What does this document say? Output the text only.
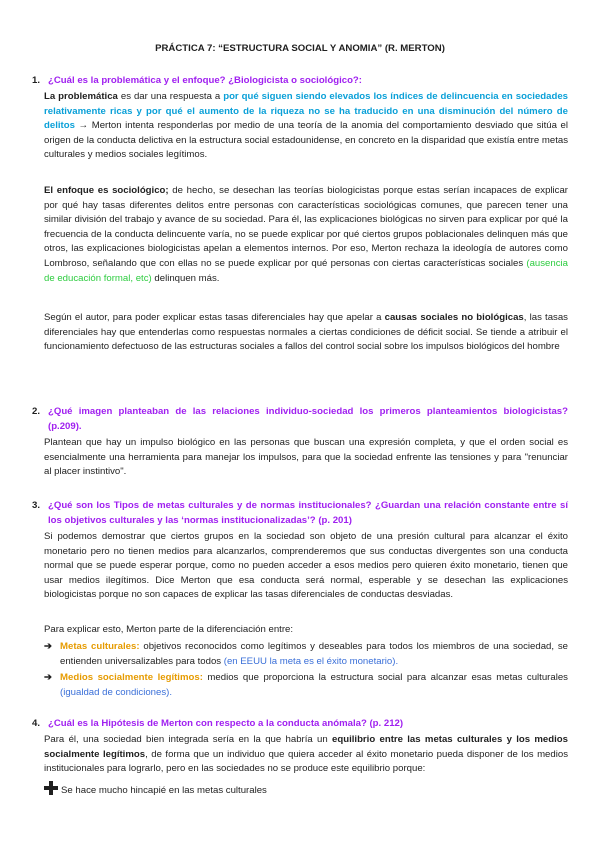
PRÁCTICA 7: “ESTRUCTURA SOCIAL Y ANOMIA” (R. MERTON)
1. ¿Cuál es la problemática y el enfoque? ¿Biologicista o sociológico?:
La problemática es dar una respuesta a por qué siguen siendo elevados los índices de delincuencia en sociedades relativamente ricas y por qué el aumento de la riqueza no se ha traducido en una disminución del número de delitos → Merton intenta responderlas por medio de una teoría de la anomia del comportamiento desviado que sitúa el origen de la conducta delictiva en la estructura social estadounidense, en concreto en la disparidad que existía entre metas culturales y medios sociales legítimos.
El enfoque es sociológico; de hecho, se desechan las teorías biologicistas porque estas serían incapaces de explicar por qué hay tasas diferentes delitos entre personas con características sociológicas comunes, que parecen tener una similar división del trabajo y avance de su sociedad. Para él, las explicaciones biológicas no sirven para explicar por qué la frecuencia de la conducta delincuente varía, no se puede explicar por qué ciertos grupos poblacionales delinquen más que otros, las explicaciones biologicistas apelan a elementos internos. Por eso, Merton rechaza la ideología de autores como Lombroso, señalando que con ellas no se puede explicar por qué personas con ciertas características sociales (ausencia de educación formal, etc) delinquen más.
Según el autor, para poder explicar estas tasas diferenciales hay que apelar a causas sociales no biológicas, las tasas diferenciales hay que entenderlas como respuestas normales a ciertas condiciones de déficit social. Se tiende a atribuir el funcionamiento defectuoso de las estructuras sociales a fallos del control social sobre los impulsos biológicos del hombre
2. ¿Qué imagen planteaban de las relaciones individuo-sociedad los primeros planteamientos biologicistas? (p.209).
Plantean que hay un impulso biológico en las personas que buscan una expresión completa, y que el orden social es esencialmente una herramienta para manejar los impulsos, para que la sociedad enfrente las tensiones y para "renunciar al placer instintivo".
3. ¿Qué son los Tipos de metas culturales y de normas institucionales? ¿Guardan una relación constante entre sí los objetivos culturales y las ‘normas institucionalizadas’? (p. 201)
Si podemos demostrar que ciertos grupos en la sociedad son objeto de una presión cultural para alcanzar el éxito monetario pero no tienen medios para alcanzarlos, comprenderemos que sus conductas divergentes son una conducta normal que se puede esperar porque, como no pueden acceder a esos medios pero quieren éxito monetario, tienen que usar medios ilegítimos. Dice Merton que esa conducta será normal, esperable y se desechan las explicaciones biologicistas porque no son capaces de explicar las tasas diferenciales de conductas desviadas.
Para explicar esto, Merton parte de la diferenciación entre:
➔ Metas culturales: objetivos reconocidos como legítimos y deseables para todos los miembros de una sociedad, se entienden universalizables para todos (en EEUU la meta es el éxito monetario).
➔ Medios socialmente legítimos: medios que proporciona la estructura social para alcanzar esas metas culturales (igualdad de condiciones).
4. ¿Cuál es la Hipótesis de Merton con respecto a la conducta anómala? (p. 212)
Para él, una sociedad bien integrada sería en la que habría un equilibrio entre las metas culturales y los medios socialmente legítimos, de forma que un individuo que quiera acceder al éxito monetario pueda disponer de los medios institucionales para lograrlo, pero en las sociedades no se produce este equilibrio porque:
Se hace mucho hincapié en las metas culturales
